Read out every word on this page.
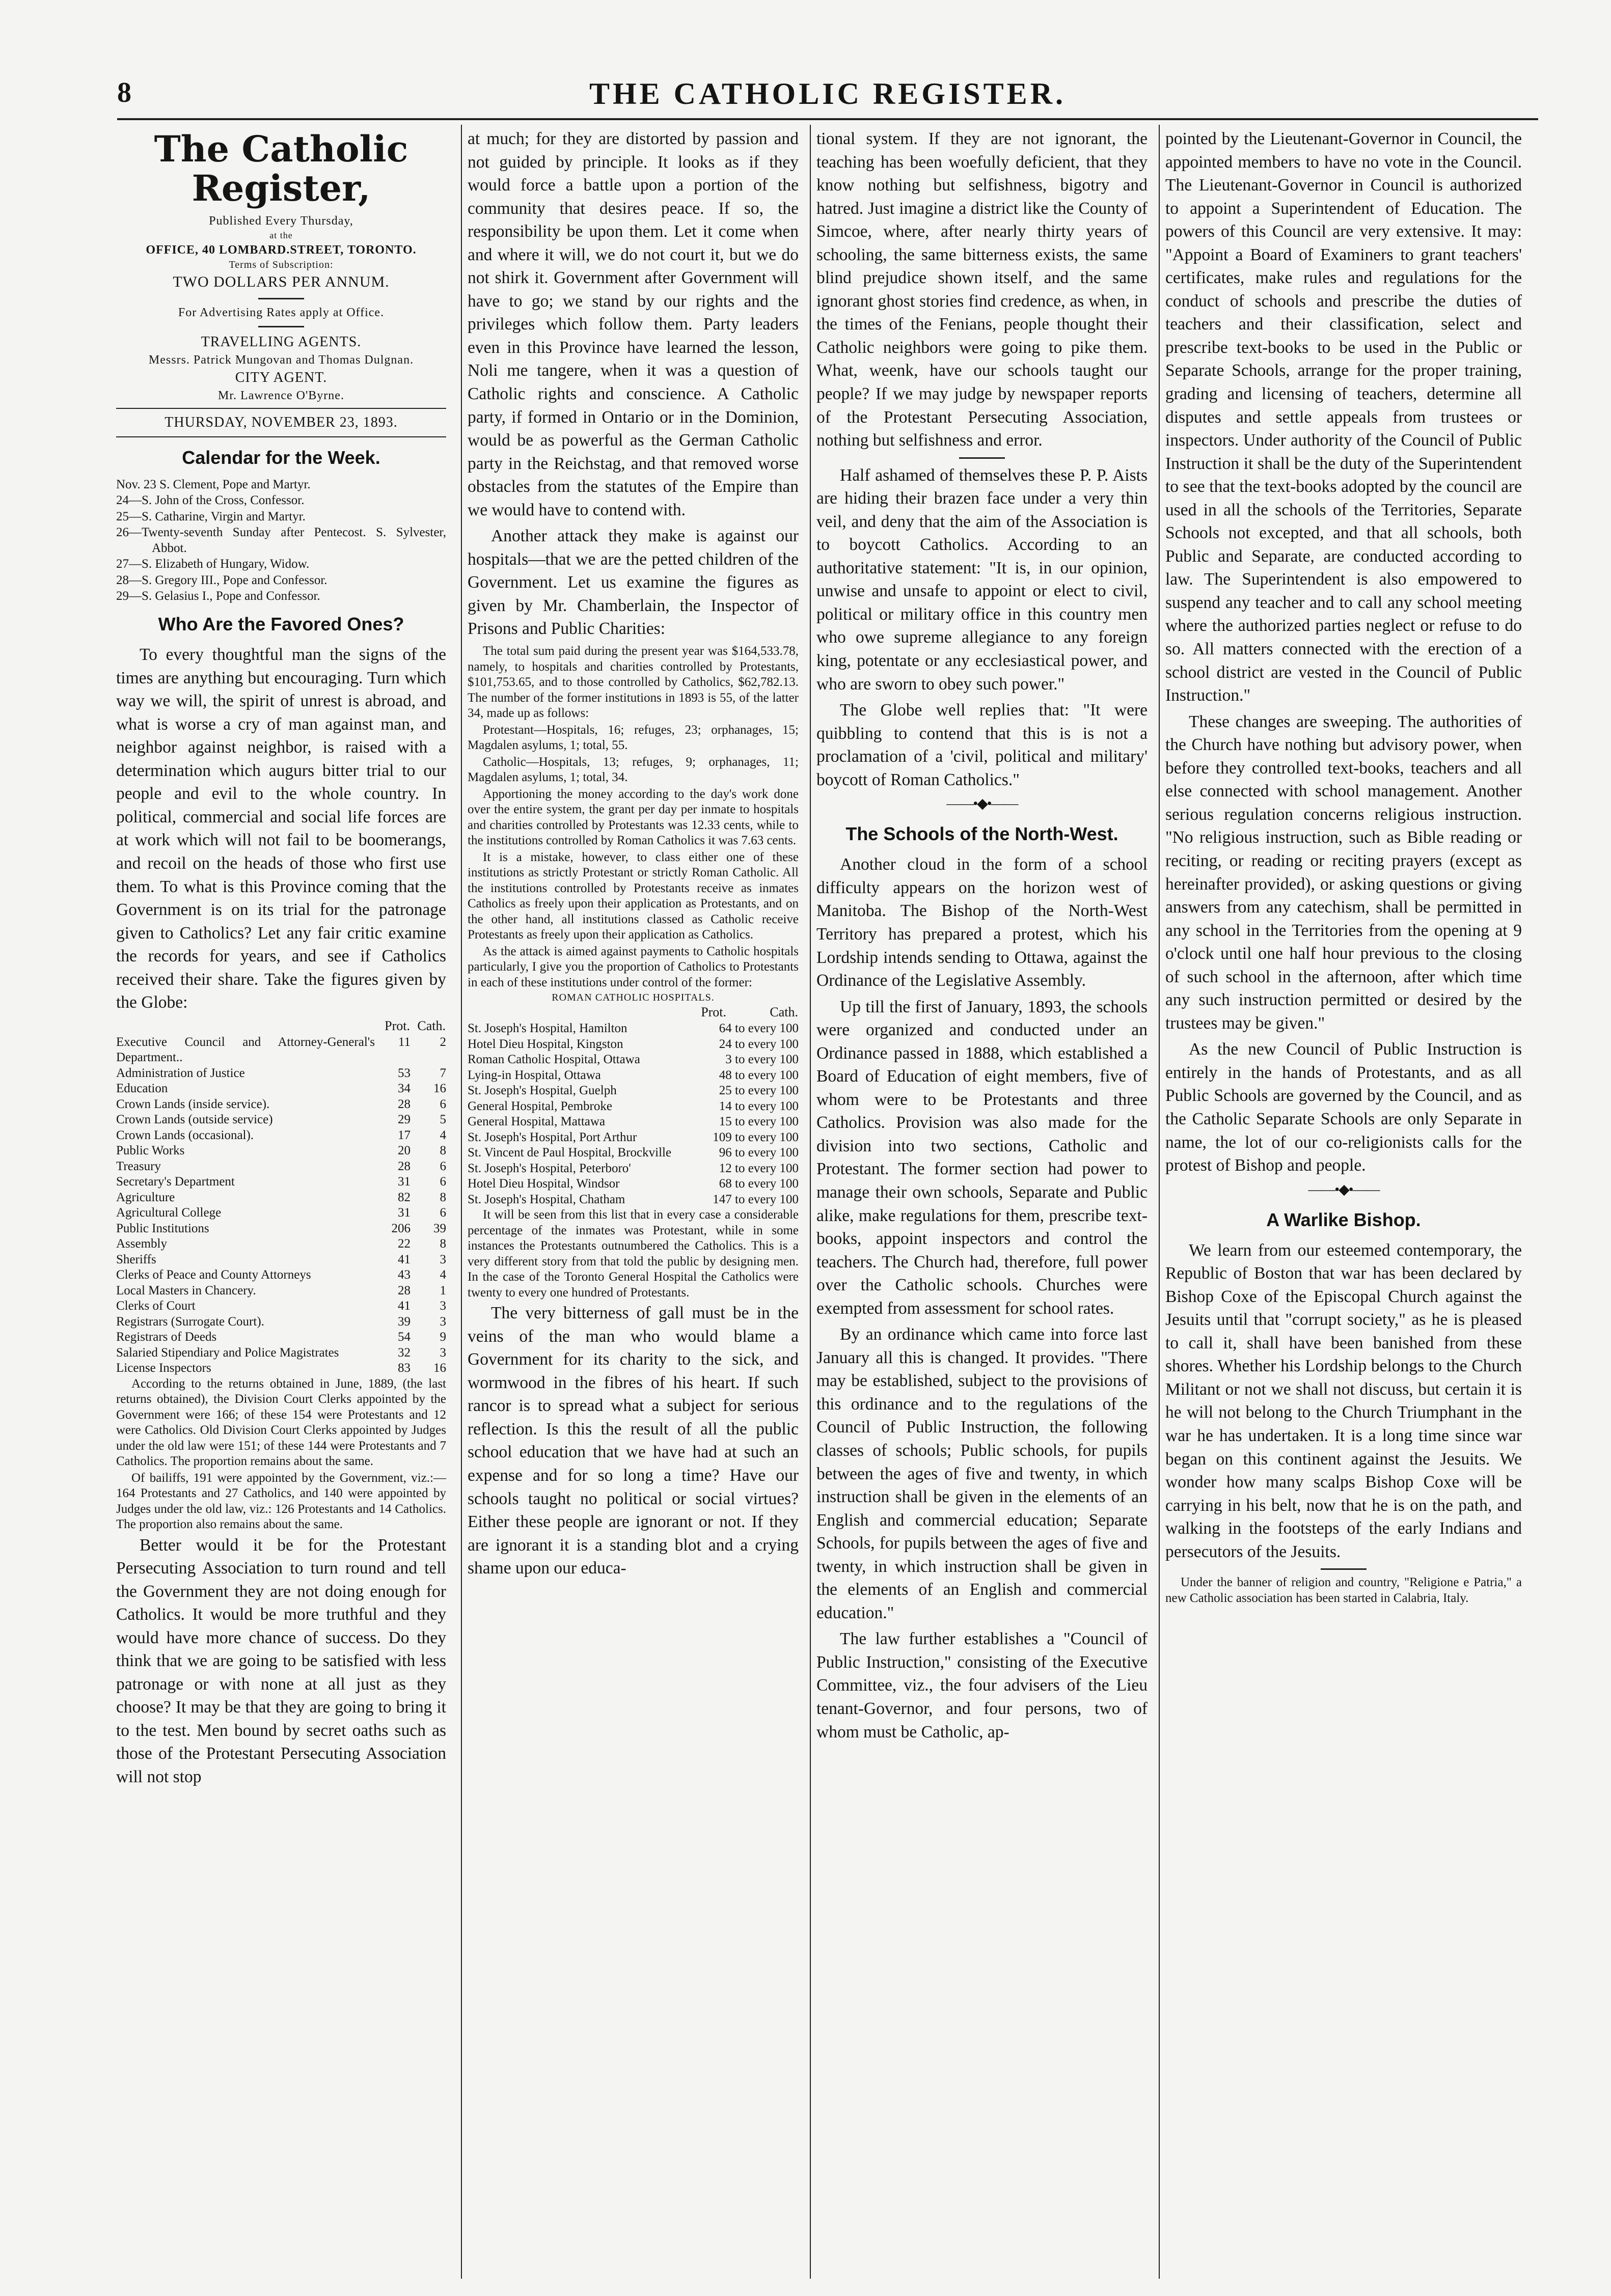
8	THE CATHOLIC REGISTER.
The Catholic Register,
Published Every Thursday,
at the
OFFICE, 40 LOMBARD.STREET, TORONTO.
Terms of Subscription:
TWO DOLLARS PER ANNUM.
For Advertising Rates apply at Office.
TRAVELLING AGENTS.
Messrs. Patrick Mungovan and Thomas Dulgnan.
CITY AGENT.
Mr. Lawrence O'Byrne.
THURSDAY, NOVEMBER 23, 1893.
Calendar for the Week.
Nov. 23 S. Clement, Pope and Martyr.
24—S. John of the Cross, Confessor.
25—S. Catharine, Virgin and Martyr.
26—Twenty-seventh Sunday after Pentecost. S. Sylvester, Abbot.
27—S. Elizabeth of Hungary, Widow.
28—S. Gregory III., Pope and Confessor.
29—S. Gelasius I., Pope and Confessor.
Who Are the Favored Ones?

To every thoughtful man the signs of the times are anything but encouraging. Turn which way we will, the spirit of unrest is abroad, and what is worse a cry of man against man, and neighbor against neighbor, is raised with a determination which augurs bitter trial to our people and evil to the whole country. In political, commercial and social life forces are at work which will not fail to be boomerangs, and recoil on the heads of those who first use them. To what is this Province coming that the Government is on its trial for the patronage given to Catholics? Let any fair critic examine the records for years, and see if Catholics received their share. Take the figures given by the Globe:

	Prot.	Cath.
Executive Council and Attorney-General's Department..	11	2
Administration of Justice	53	7
Education	34	16
Crown Lands (inside service).	28	6
Crown Lands (outside service)	29	5
Crown Lands (occasional).	17	4
Public Works	20	8
Treasury	28	6
Secretary's Department	31	6
Agriculture	82	8
Agricultural College	31	6
Public Institutions	206	39
Assembly	22	8
Sheriffs	41	3
Clerks of Peace and County Attorneys	43	4
Local Masters in Chancery.	28	1
Clerks of Court	41	3
Registrars (Surrogate Court).	39	3
Registrars of Deeds	54	9
Salaried Stipendiary and Police Magistrates	32	3
License Inspectors	83	16

According to the returns obtained in June, 1889, (the last returns obtained), the Division Court Clerks appointed by the Government were 166; of these 154 were Protestants and 12 were Catholics. Old Division Court Clerks appointed by Judges under the old law were 151; of these 144 were Protestants and 7 Catholics. The proportion remains about the same.

Of bailiffs, 191 were appointed by the Government, viz.:—164 Protestants and 27 Catholics, and 140 were appointed by Judges under the old law, viz.: 126 Protestants and 14 Catholics. The proportion also remains about the same.

Better would it be for the Protestant Persecuting Association to turn round and tell the Government they are not doing enough for Catholics. It would be more truthful and they would have more chance of success. Do they think that we are going to be satisfied with less patronage or with none at all just as they choose? It may be that they are going to bring it to the test. Men bound by secret oaths such as those of the Protestant Persecuting Association will not stop

at much; for they are distorted by passion and not guided by principle. It looks as if they would force a battle upon a portion of the community that desires peace. If so, the responsibility be upon them. Let it come when and where it will, we do not court it, but we do not shirk it. Government after Government will have to go; we stand by our rights and the privileges which follow them. Party leaders even in this Province have learned the lesson, Noli me tangere, when it was a question of Catholic rights and conscience. A Catholic party, if formed in Ontario or in the Dominion, would be as powerful as the German Catholic party in the Reichstag, and that removed worse obstacles from the statutes of the Empire than we would have to contend with.

Another attack they make is against our hospitals—that we are the petted children of the Government. Let us examine the figures as given by Mr. Chamberlain, the Inspector of Prisons and Public Charities:

The total sum paid during the present year was $164,533.78, namely, to hospitals and charities controlled by Protestants, $101,753.65, and to those controlled by Catholics, $62,782.13. The number of the former institutions in 1893 is 55, of the latter 34, made up as follows:

Protestant—Hospitals, 16; refuges, 23; orphanages, 15; Magdalen asylums, 1; total, 55.

Catholic—Hospitals, 13; refuges, 9; orphanages, 11; Magdalen asylums, 1; total, 34.

Apportioning the money according to the day's work done over the entire system, the grant per day per inmate to hospitals and charities controlled by Protestants was 12.33 cents, while to the institutions controlled by Roman Catholics it was 7.63 cents.

It is a mistake, however, to class either one of these institutions as strictly Protestant or strictly Roman Catholic. All the institutions controlled by Protestants receive as inmates Catholics as freely upon their application as Protestants, and on the other hand, all institutions classed as Catholic receive Protestants as freely upon their application as Catholics.

As the attack is aimed against payments to Catholic hospitals particularly, I give you the proportion of Catholics to Protestants in each of these institutions under control of the former:

ROMAN CATHOLIC HOSPITALS.
	Prot.	Cath.
St. Joseph's Hospital, Hamilton	64 to every 100	
Hotel Dieu Hospital, Kingston	24 to every 100	
Roman Catholic Hospital, Ottawa	3 to every 100	
Lying-in Hospital, Ottawa	48 to every 100	
St. Joseph's Hospital, Guelph	25 to every 100	
General Hospital, Pembroke	14 to every 100	
General Hospital, Mattawa	15 to every 100	
St. Joseph's Hospital, Port Arthur	109 to every 100	
St. Vincent de Paul Hospital, Brockville	96 to every 100	
St. Joseph's Hospital, Peterboro'	12 to every 100	
Hotel Dieu Hospital, Windsor	68 to every 100	
St. Joseph's Hospital, Chatham	147 to every 100	

It will be seen from this list that in every case a considerable percentage of the inmates was Protestant, while in some instances the Protestants outnumbered the Catholics. This is a very different story from that told the public by designing men. In the case of the Toronto General Hospital the Catholics were twenty to every one hundred of Protestants.

The very bitterness of gall must be in the veins of the man who would blame a Government for its charity to the sick, and wormwood in the fibres of his heart. If such rancor is to spread what a subject for serious reflection. Is this the result of all the public school education that we have had at such an expense and for so long a time? Have our schools taught no political or social virtues? Either these people are ignorant or not. If they are ignorant it is a standing blot and a crying shame upon our educa-

tional system. If they are not ignorant, the teaching has been woefully deficient, that they know nothing but selfishness, bigotry and hatred. Just imagine a district like the County of Simcoe, where, after nearly thirty years of schooling, the same bitterness exists, the same blind prejudice shown itself, and the same ignorant ghost stories find credence, as when, in the times of the Fenians, people thought their Catholic neighbors were going to pike them. What, weenk, have our schools taught our people? If we may judge by newspaper reports of the Protestant Persecuting Association, nothing but selfishness and error.

Half ashamed of themselves these P. P. Aists are hiding their brazen face under a very thin veil, and deny that the aim of the Association is to boycott Catholics. According to an authoritative statement: "It is, in our opinion, unwise and unsafe to appoint or elect to civil, political or military office in this country men who owe supreme allegiance to any foreign king, potentate or any ecclesiastical power, and who are sworn to obey such power."

The Globe well replies that: "It were quibbling to contend that this is is not a proclamation of a 'civil, political and military' boycott of Roman Catholics."

——•◆•——
The Schools of the North-West.

Another cloud in the form of a school difficulty appears on the horizon west of Manitoba. The Bishop of the North-West Territory has prepared a protest, which his Lordship intends sending to Ottawa, against the Ordinance of the Legislative Assembly.

Up till the first of January, 1893, the schools were organized and conducted under an Ordinance passed in 1888, which established a Board of Education of eight members, five of whom were to be Protestants and three Catholics. Provision was also made for the division into two sections, Catholic and Protestant. The former section had power to manage their own schools, Separate and Public alike, make regulations for them, prescribe text-books, appoint inspectors and control the teachers. The Church had, therefore, full power over the Catholic schools. Churches were exempted from assessment for school rates.

By an ordinance which came into force last January all this is changed. It provides. "There may be established, subject to the provisions of this ordinance and to the regulations of the Council of Public Instruction, the following classes of schools; Public schools, for pupils between the ages of five and twenty, in which instruction shall be given in the elements of an English and commercial education; Separate Schools, for pupils between the ages of five and twenty, in which instruction shall be given in the elements of an English and commercial education."

The law further establishes a "Council of Public Instruction," consisting of the Executive Committee, viz., the four advisers of the Lieu tenant-Governor, and four persons, two of whom must be Catholic, ap-

pointed by the Lieutenant-Governor in Council, the appointed members to have no vote in the Council. The Lieutenant-Governor in Council is authorized to appoint a Superintendent of Education. The powers of this Council are very extensive. It may: "Appoint a Board of Examiners to grant teachers' certificates, make rules and regulations for the conduct of schools and prescribe the duties of teachers and their classification, select and prescribe text-books to be used in the Public or Separate Schools, arrange for the proper training, grading and licensing of teachers, determine all disputes and settle appeals from trustees or inspectors. Under authority of the Council of Public Instruction it shall be the duty of the Superintendent to see that the text-books adopted by the council are used in all the schools of the Territories, Separate Schools not excepted, and that all schools, both Public and Separate, are conducted according to law. The Superintendent is also empowered to suspend any teacher and to call any school meeting where the authorized parties neglect or refuse to do so. All matters connected with the erection of a school district are vested in the Council of Public Instruction."

These changes are sweeping. The authorities of the Church have nothing but advisory power, when before they controlled text-books, teachers and all else connected with school management. Another serious regulation concerns religious instruction. "No religious instruction, such as Bible reading or reciting, or reading or reciting prayers (except as hereinafter provided), or asking questions or giving answers from any catechism, shall be permitted in any school in the Territories from the opening at 9 o'clock until one half hour previous to the closing of such school in the afternoon, after which time any such instruction permitted or desired by the trustees may be given."

As the new Council of Public Instruction is entirely in the hands of Protestants, and as all Public Schools are governed by the Council, and as the Catholic Separate Schools are only Separate in name, the lot of our co-religionists calls for the protest of Bishop and people.

——•◆•——
A Warlike Bishop.

We learn from our esteemed contemporary, the Republic of Boston that war has been declared by Bishop Coxe of the Episcopal Church against the Jesuits until that "corrupt society," as he is pleased to call it, shall have been banished from these shores. Whether his Lordship belongs to the Church Militant or not we shall not discuss, but certain it is he will not belong to the Church Triumphant in the war he has undertaken. It is a long time since war began on this continent against the Jesuits. We wonder how many scalps Bishop Coxe will be carrying in his belt, now that he is on the path, and walking in the footsteps of the early Indians and persecutors of the Jesuits.

Under the banner of religion and country, "Religione e Patria," a new Catholic association has been started in Calabria, Italy.
